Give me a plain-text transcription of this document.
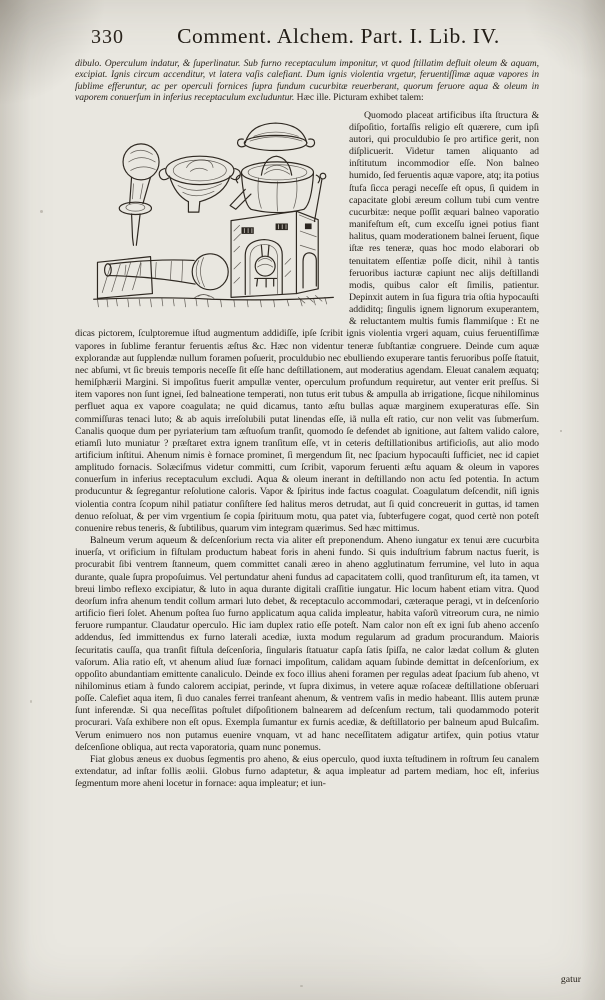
330	Comment. Alchem. Part. I. Lib. IV.

dibulo. Operculum indatur, & ſuperlinatur. Sub furno receptaculum imponitur, vt quod ſtillatim defluit oleum & aquam, excipiat. Ignis circum accenditur, vt latera vaſis calefiant. Dum ignis violentia vrgetur, feruentiſſimæ aquæ vapores in ſublime efferuntur, ac per operculi fornices ſupra fundum cucurbitæ reuerberant, quorum feruore aqua & oleum in vaporem conuerſum in inferius receptaculum excluduntur. Hæc ille. Picturam exhibet talem:

Quomodo placeat artificibus iſta ſtructura & diſpoſitio, fortaſſis religio eſt quærere, cum ipſi autori, qui proculdubio ſe pro artifice gerit, non diſplicuerit. Videtur tamen aliquanto ad inſtitutum incommodior eſſe. Non balneo humido, ſed feruentis aquæ vapore, atq; ita potius ſtufa ſicca peragi neceſſe eſt opus, ſi quidem in capacitate globi æreum collum tubi cum ventre cucurbitæ: neque poſſit æquari balneo vaporatio manifeſtum eſt, cum exceſſu ignei potius fiant halitus, quam moderationem balnei ſeruent, ſique iſtæ res teneræ, quas hoc modo elaborari ob tenuitatem eſſentiæ poſſe dicit, nihil à tantis feruoribus iacturæ capiunt nec alijs deſtillandi modis, quibus calor eſt ſimilis, patientur. Depinxit autem in ſua figura tria oſtia hypocauſti addiditq; ſingulis ignem lignorum exuperantem, & reluctantem multis fumis flammiſque : Et ne dicas pictorem, ſculptoremue iſtud augmentum addidiſſe, ipſe ſcribit ignis violentia vrgeri aquam, cuius feruentiſſimæ vapores in ſublime ferantur feruentis æſtus &c. Hæc non videntur teneræ ſubſtantiæ congruere. Deinde cum aquæ explorandæ aut ſupplendæ nullum foramen poſuerit, proculdubio nec ebulliendo exuperare tantis feruoribus poſſe ſtatuit, nec abſumi, vt ſic breuis temporis neceſſe ſit eſſe hanc deſtillationem, aut moderatius agendam. Eleuat canalem æquatq; hemiſphærii Margini. Si impoſitus fuerit ampullæ venter, operculum profundum requiretur, aut venter erit preſſus. Si item vapores non ſunt ignei, ſed balneatione temperati, non tutus erit tubus & ampulla ab irrigatione, ſicque nihilominus perfluet aqua ex vapore coagulata; ne quid dicamus, tanto æſtu bullas aquæ marginem exuperaturas eſſe. Sin commiſſuras tenaci luto; & ab aquis irreſolubili putat linendas eſſe, iã nulla eſt ratio, cur non velit vas ſubmerſum. Canalis quoque dum per pyriaterium tam æſtuoſum tranſit, quomodo ſe defendet ab ignitione, aut ſaltem valido calore, etiamſi luto muniatur ? præſtaret extra ignem tranſitum eſſe, vt in ceteris deſtillationibus artificioſis, aut alio modo artificium inſtitui. Ahenum nimis è fornace prominet, ſi mergendum ſit, nec ſpacium hypocauſti ſufficiet, nec id capiet amplitudo fornacis. Solæciſmus videtur committi, cum ſcribit, vaporum feruenti æſtu aquam & oleum in vapores conuerſum in inferius receptaculum excludi. Aqua & oleum inerant in deſtillando non actu ſed potentia. In actum producuntur & ſegregantur reſolutione caloris. Vapor & ſpiritus inde factus coagulat. Coagulatum deſcendit, niſi ignis violentia contra ſcopum nihil patiatur conſiſtere ſed halitus meros detrudat, aut ſi quid concreuerit in guttas, id tamen denuo reſoluat, & per vim vrgentium ſe copia ſpirituum motu, qua patet via, ſubterfugere cogat, quod certè non poteſt conuenire rebus teneris, & ſubtilibus, quarum vim integram quærimus. Sed hæc mittimus.

Balneum verum aqueum & deſcenſorium recta via aliter eſt preponendum. Aheno iungatur ex tenui ære cucurbita inuerſa, vt orificium in fiſtulam productum habeat foris in aheni fundo. Si quis induſtrium fabrum nactus fuerit, is procurabit ſibi ventrem ſtanneum, quem committet canali æreo in aheno agglutinatum ferrumine, vel luto in aqua durante, quale ſupra propoſuimus. Vel pertundatur aheni fundus ad capacitatem colli, quod tranſiturum eſt, ita tamen, vt breui limbo reflexo excipiatur, & luto in aqua durante digitali craſſitie iungatur. Hic locum habent etiam vitra. Quod deorſum infra ahenum tendit collum armari luto debet, & receptaculo accommodari, cæteraque peragi, vt in deſcenſorio artificio fieri ſolet. Ahenum poſtea ſuo furno applicatum aqua calida impleatur, habita vaſorũ vitreorum cura, ne nimio feruore rumpantur. Claudatur operculo. Hic iam duplex ratio eſſe poteſt. Nam calor non eſt ex igni ſub aheno accenſo addendus, ſed immittendus ex furno laterali acediæ, iuxta modum regularum ad gradum procurandum. Maioris ſecuritatis cauſſa, qua tranſit fiſtula deſcenſoria, ſingularis ſtatuatur capſa ſatis ſpiſſa, ne calor lædat collum & gluten vaſorum. Alia ratio eſt, vt ahenum aliud ſuæ fornaci impoſitum, calidam aquam ſubinde demittat in deſcenſorium, ex oppoſito abundantiam emittente canaliculo. Deinde ex foco illius aheni foramen per regulas adeat ſpacium ſub aheno, vt nihilominus etiam à fundo calorem accipiat, perinde, vt ſupra diximus, in vetere aquæ roſaceæ deſtillatione obſeruari poſſe. Calefiet aqua item, ſi duo canales ferrei tranſeant ahenum, & ventrem vaſis in medio habeant. Illis autem prunæ ſunt inferendæ. Si qua neceſſitas poſtulet diſpoſitionem balnearem ad deſcenſum rectum, tali quodammodo poterit procurari. Vaſa exhibere non eſt opus. Exempla ſumantur ex furnis acediæ, & deſtillatorio per balneum apud Bulcaſim. Verum enimuero nos non putamus euenire vnquam, vt ad hanc neceſſitatem adigatur artifex, quin potius vtatur deſcenſione obliqua, aut recta vaporatoria, quam nunc ponemus.

Fiat globus æneus ex duobus ſegmentis pro aheno, & eius operculo, quod iuxta teſtudinem in roſtrum ſeu canalem extendatur, ad inſtar follis æolii. Globus furno adaptetur, & aqua impleatur ad partem mediam, hoc eſt, inferius ſegmentum more aheni locetur in fornace: aqua impleatur; et iun-

gatur
